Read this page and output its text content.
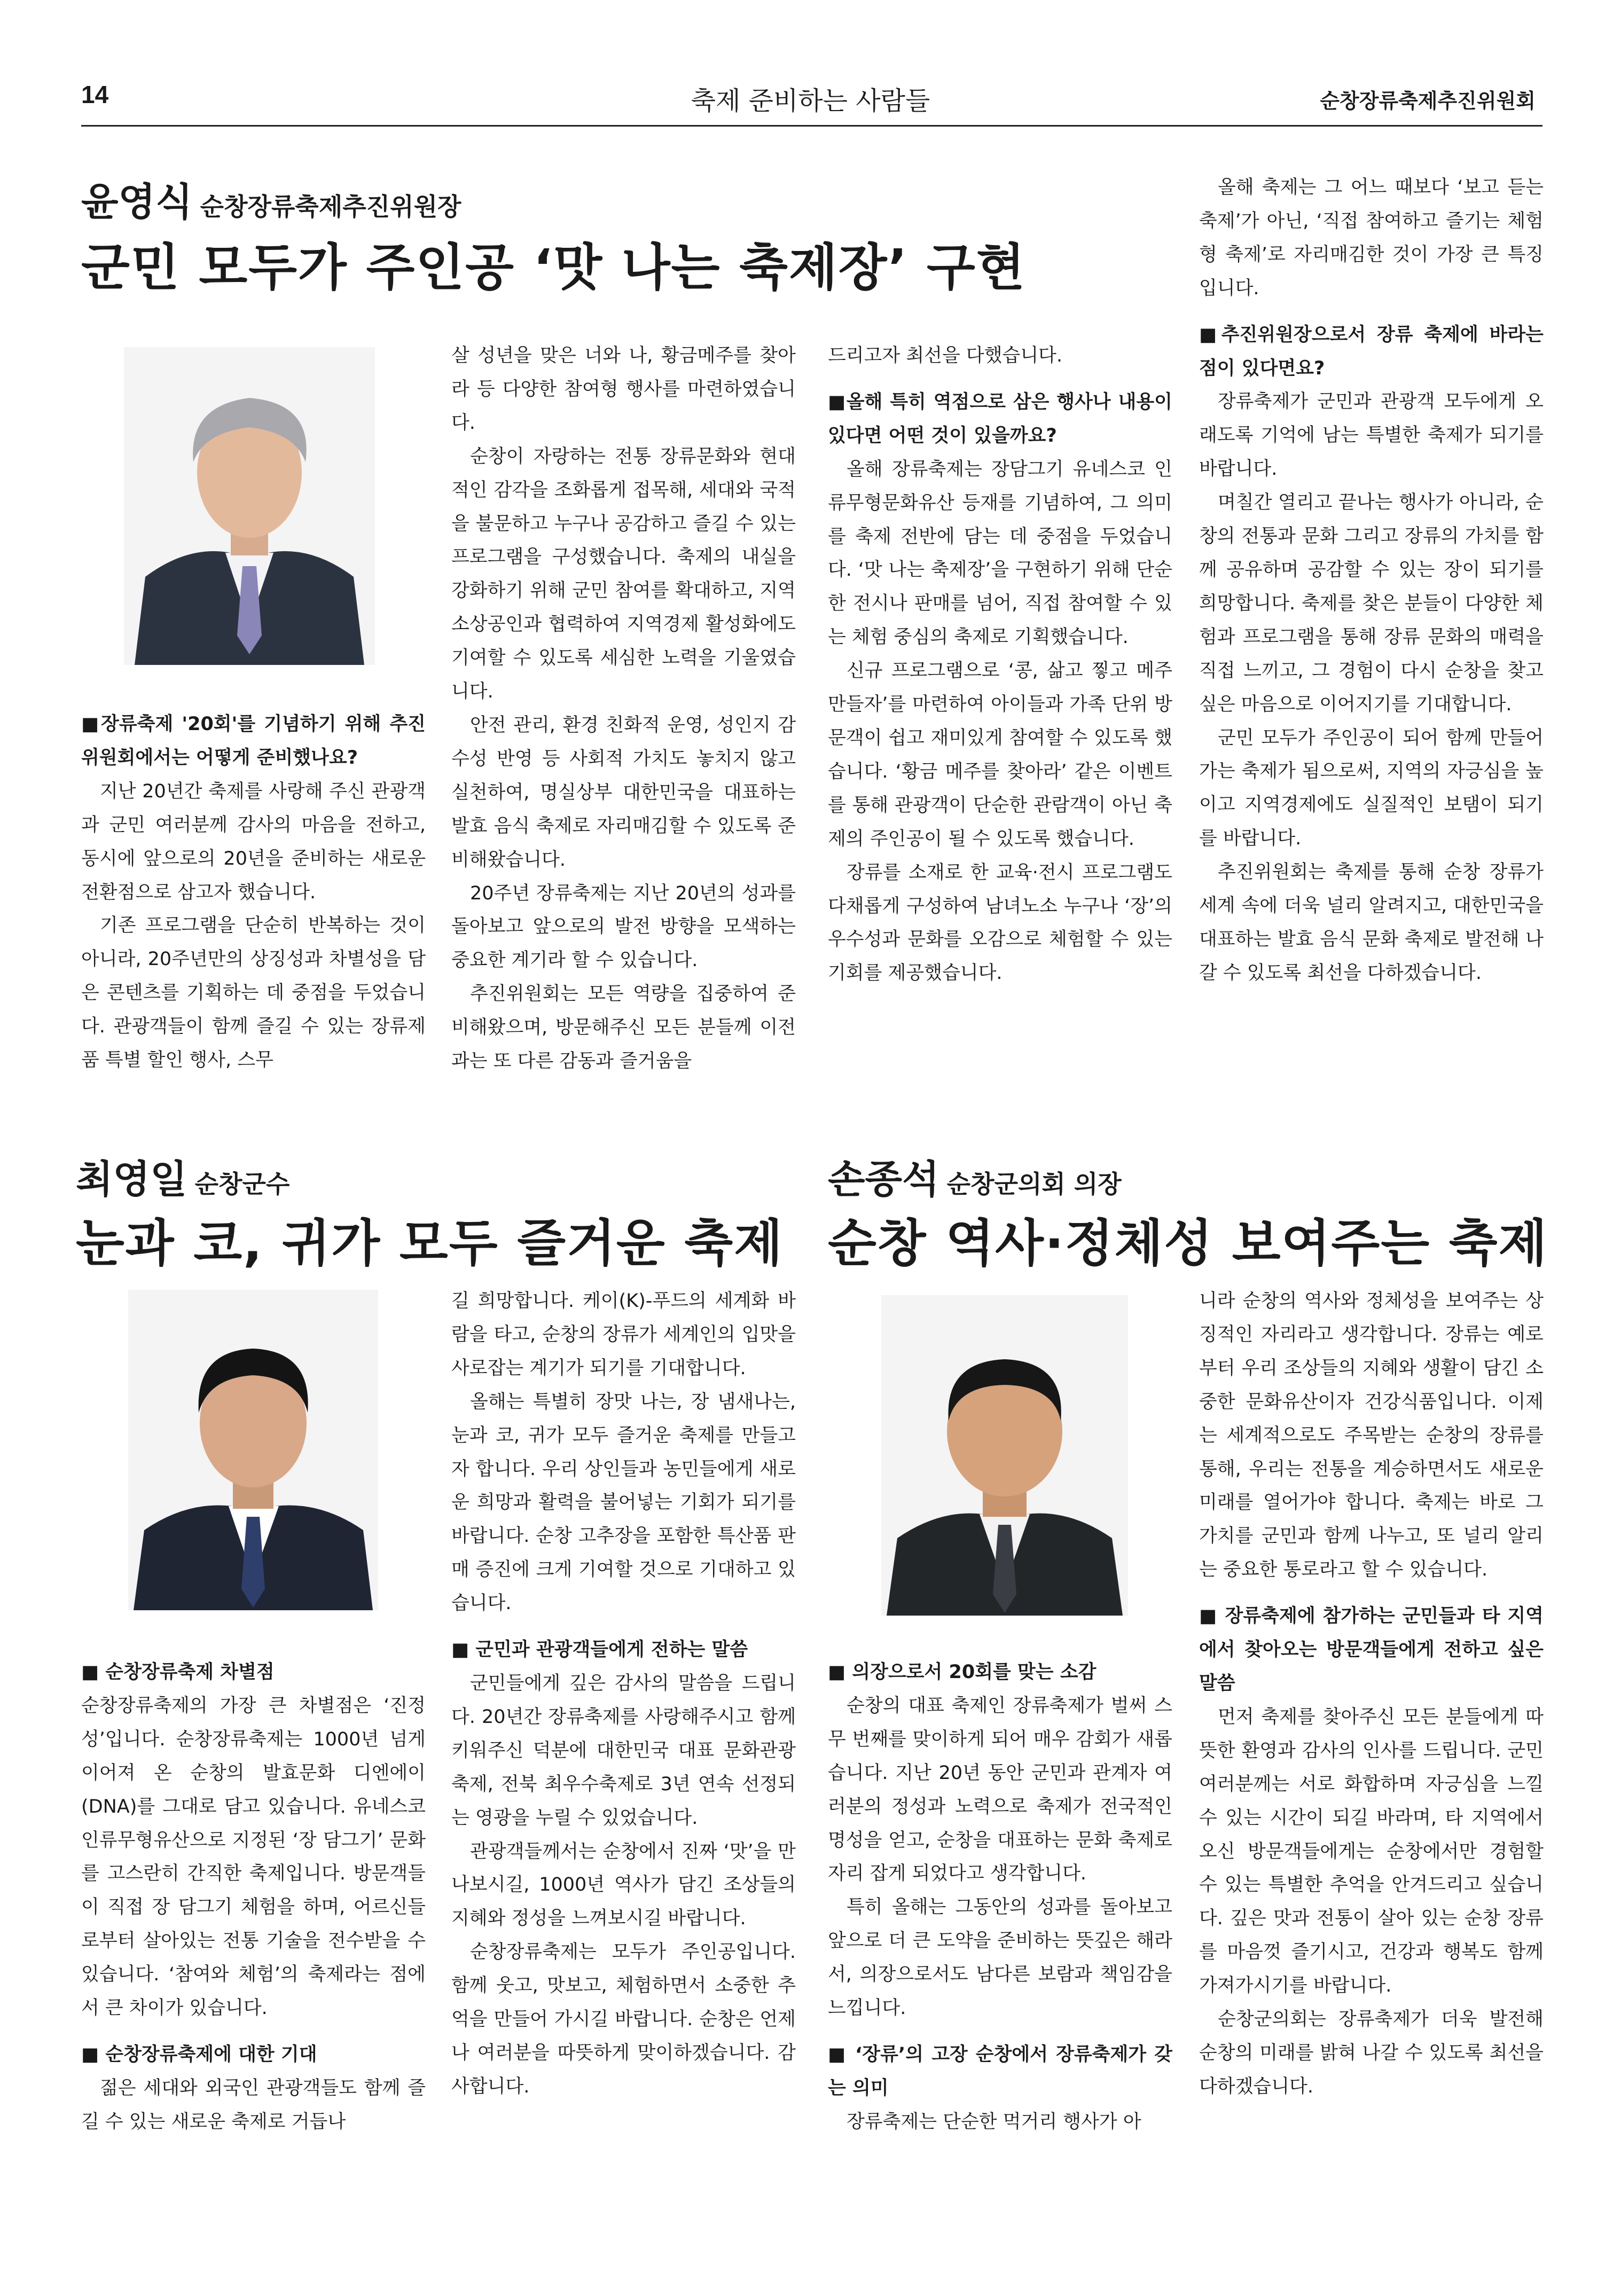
14	축제 준비하는 사람들	순창장류축제추진위원회
윤영식 순창장류축제추진위원장
군민 모두가 주인공 ‘맛 나는 축제장’ 구현

■장류축제 '20회'를 기념하기 위해 추진위원회에서는 어떻게 준비했나요?

지난 20년간 축제를 사랑해 주신 관광객과 군민 여러분께 감사의 마음을 전하고, 동시에 앞으로의 20년을 준비하는 새로운 전환점으로 삼고자 했습니다.

기존 프로그램을 단순히 반복하는 것이 아니라, 20주년만의 상징성과 차별성을 담은 콘텐츠를 기획하는 데 중점을 두었습니다. 관광객들이 함께 즐길 수 있는 장류제품 특별 할인 행사, 스무

살 성년을 맞은 너와 나, 황금메주를 찾아라 등 다양한 참여형 행사를 마련하였습니다.

순창이 자랑하는 전통 장류문화와 현대적인 감각을 조화롭게 접목해, 세대와 국적을 불문하고 누구나 공감하고 즐길 수 있는 프로그램을 구성했습니다. 축제의 내실을 강화하기 위해 군민 참여를 확대하고, 지역 소상공인과 협력하여 지역경제 활성화에도 기여할 수 있도록 세심한 노력을 기울였습니다.

안전 관리, 환경 친화적 운영, 성인지 감수성 반영 등 사회적 가치도 놓치지 않고 실천하여, 명실상부 대한민국을 대표하는 발효 음식 축제로 자리매김할 수 있도록 준비해왔습니다.

20주년 장류축제는 지난 20년의 성과를 돌아보고 앞으로의 발전 방향을 모색하는 중요한 계기라 할 수 있습니다.

추진위원회는 모든 역량을 집중하여 준비해왔으며, 방문해주신 모든 분들께 이전과는 또 다른 감동과 즐거움을

드리고자 최선을 다했습니다.

■올해 특히 역점으로 삼은 행사나 내용이 있다면 어떤 것이 있을까요?

올해 장류축제는 장담그기 유네스코 인류무형문화유산 등재를 기념하여, 그 의미를 축제 전반에 담는 데 중점을 두었습니다. ‘맛 나는 축제장’을 구현하기 위해 단순한 전시나 판매를 넘어, 직접 참여할 수 있는 체험 중심의 축제로 기획했습니다.

신규 프로그램으로 ‘콩, 삶고 찧고 메주 만들자’를 마련하여 아이들과 가족 단위 방문객이 쉽고 재미있게 참여할 수 있도록 했습니다. ‘황금 메주를 찾아라’ 같은 이벤트를 통해 관광객이 단순한 관람객이 아닌 축제의 주인공이 될 수 있도록 했습니다.

장류를 소재로 한 교육·전시 프로그램도 다채롭게 구성하여 남녀노소 누구나 ‘장’의 우수성과 문화를 오감으로 체험할 수 있는 기회를 제공했습니다.

올해 축제는 그 어느 때보다 ‘보고 듣는 축제’가 아닌, ‘직접 참여하고 즐기는 체험형 축제’로 자리매김한 것이 가장 큰 특징입니다.

■추진위원장으로서 장류 축제에 바라는 점이 있다면요?

장류축제가 군민과 관광객 모두에게 오래도록 기억에 남는 특별한 축제가 되기를 바랍니다.

며칠간 열리고 끝나는 행사가 아니라, 순창의 전통과 문화 그리고 장류의 가치를 함께 공유하며 공감할 수 있는 장이 되기를 희망합니다. 축제를 찾은 분들이 다양한 체험과 프로그램을 통해 장류 문화의 매력을 직접 느끼고, 그 경험이 다시 순창을 찾고 싶은 마음으로 이어지기를 기대합니다.

군민 모두가 주인공이 되어 함께 만들어가는 축제가 됨으로써, 지역의 자긍심을 높이고 지역경제에도 실질적인 보탬이 되기를 바랍니다.

추진위원회는 축제를 통해 순창 장류가 세계 속에 더욱 널리 알려지고, 대한민국을 대표하는 발효 음식 문화 축제로 발전해 나갈 수 있도록 최선을 다하겠습니다.

최영일 순창군수
눈과 코, 귀가 모두 즐거운 축제

■ 순창장류축제 차별점

순창장류축제의 가장 큰 차별점은 ‘진정성’입니다. 순창장류축제는 1000년 넘게 이어져 온 순창의 발효문화 디엔에이(DNA)를 그대로 담고 있습니다. 유네스코 인류무형유산으로 지정된 ‘장 담그기’ 문화를 고스란히 간직한 축제입니다. 방문객들이 직접 장 담그기 체험을 하며, 어르신들로부터 살아있는 전통 기술을 전수받을 수 있습니다. ‘참여와 체험’의 축제라는 점에서 큰 차이가 있습니다.

■ 순창장류축제에 대한 기대

젊은 세대와 외국인 관광객들도 함께 즐길 수 있는 새로운 축제로 거듭나

길 희망합니다. 케이(K)-푸드의 세계화 바람을 타고, 순창의 장류가 세계인의 입맛을 사로잡는 계기가 되기를 기대합니다.

올해는 특별히 장맛 나는, 장 냄새나는, 눈과 코, 귀가 모두 즐거운 축제를 만들고자 합니다. 우리 상인들과 농민들에게 새로운 희망과 활력을 불어넣는 기회가 되기를 바랍니다. 순창 고추장을 포함한 특산품 판매 증진에 크게 기여할 것으로 기대하고 있습니다.

■ 군민과 관광객들에게 전하는 말씀

군민들에게 깊은 감사의 말씀을 드립니다. 20년간 장류축제를 사랑해주시고 함께 키워주신 덕분에 대한민국 대표 문화관광축제, 전북 최우수축제로 3년 연속 선정되는 영광을 누릴 수 있었습니다.

관광객들께서는 순창에서 진짜 ‘맛’을 만나보시길, 1000년 역사가 담긴 조상들의 지혜와 정성을 느껴보시길 바랍니다.

순창장류축제는 모두가 주인공입니다. 함께 웃고, 맛보고, 체험하면서 소중한 추억을 만들어 가시길 바랍니다. 순창은 언제나 여러분을 따뜻하게 맞이하겠습니다. 감사합니다.

손종석 순창군의회 의장
순창 역사·정체성 보여주는 축제

■ 의장으로서 20회를 맞는 소감

순창의 대표 축제인 장류축제가 벌써 스무 번째를 맞이하게 되어 매우 감회가 새롭습니다. 지난 20년 동안 군민과 관계자 여러분의 정성과 노력으로 축제가 전국적인 명성을 얻고, 순창을 대표하는 문화 축제로 자리 잡게 되었다고 생각합니다.

특히 올해는 그동안의 성과를 돌아보고 앞으로 더 큰 도약을 준비하는 뜻깊은 해라서, 의장으로서도 남다른 보람과 책임감을 느낍니다.

■ ‘장류’의 고장 순창에서 장류축제가 갖는 의미

장류축제는 단순한 먹거리 행사가 아

니라 순창의 역사와 정체성을 보여주는 상징적인 자리라고 생각합니다. 장류는 예로부터 우리 조상들의 지혜와 생활이 담긴 소중한 문화유산이자 건강식품입니다. 이제는 세계적으로도 주목받는 순창의 장류를 통해, 우리는 전통을 계승하면서도 새로운 미래를 열어가야 합니다. 축제는 바로 그 가치를 군민과 함께 나누고, 또 널리 알리는 중요한 통로라고 할 수 있습니다.

■ 장류축제에 참가하는 군민들과 타 지역에서 찾아오는 방문객들에게 전하고 싶은 말씀

먼저 축제를 찾아주신 모든 분들에게 따뜻한 환영과 감사의 인사를 드립니다. 군민 여러분께는 서로 화합하며 자긍심을 느낄 수 있는 시간이 되길 바라며, 타 지역에서 오신 방문객들에게는 순창에서만 경험할 수 있는 특별한 추억을 안겨드리고 싶습니다. 깊은 맛과 전통이 살아 있는 순창 장류를 마음껏 즐기시고, 건강과 행복도 함께 가져가시기를 바랍니다.

순창군의회는 장류축제가 더욱 발전해 순창의 미래를 밝혀 나갈 수 있도록 최선을 다하겠습니다.
